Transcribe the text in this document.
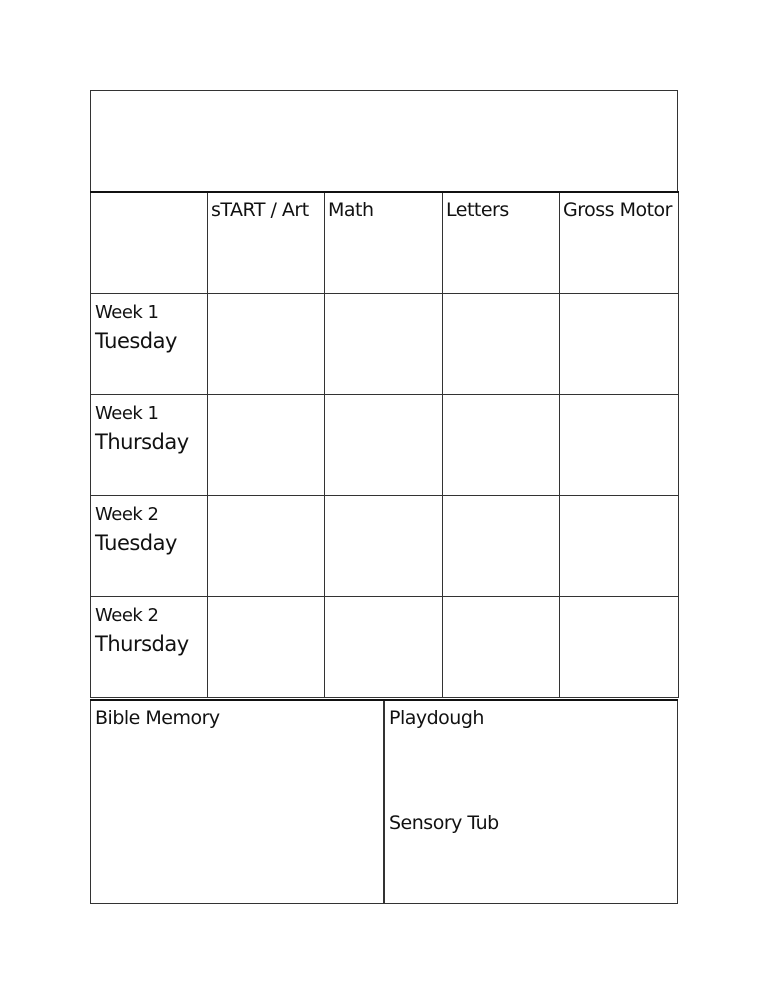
	sTART / Art	Math	Letters	Gross Motor

Week 1
Tuesday				

Week 1
Thursday				

Week 2
Tuesday				

Week 2
Thursday				

Bible Memory	Playdough
Sensory Tub
